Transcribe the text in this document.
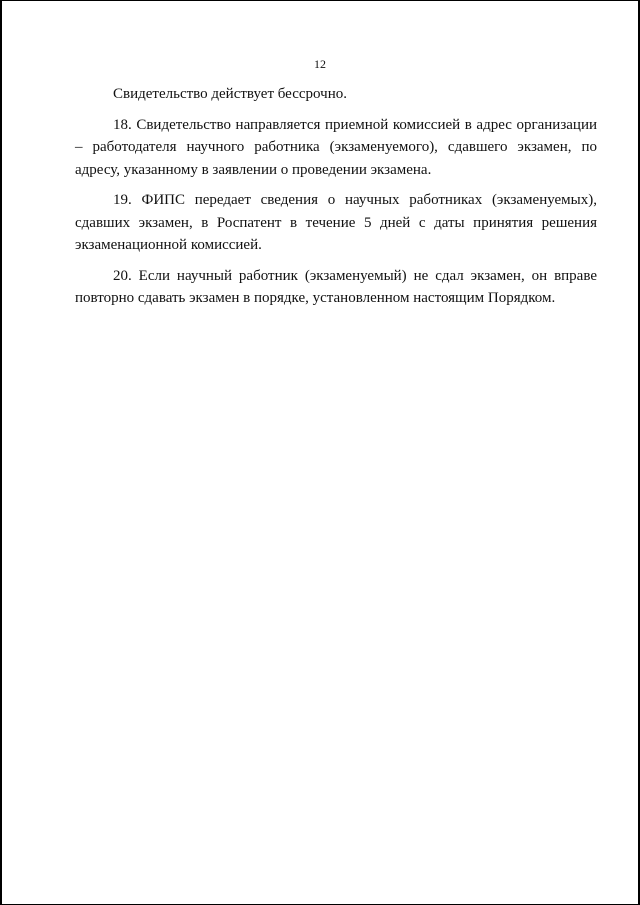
12

Свидетельство действует бессрочно.

18. Свидетельство направляется приемной комиссией в адрес организации – работодателя научного работника (экзаменуемого), сдавшего экзамен, по адресу, указанному в заявлении о проведении экзамена.

19. ФИПС передает сведения о научных работниках (экзаменуемых), сдавших экзамен, в Роспатент в течение 5 дней с даты принятия решения экзаменационной комиссией.

20. Если научный работник (экзаменуемый) не сдал экзамен, он вправе повторно сдавать экзамен в порядке, установленном настоящим Порядком.
